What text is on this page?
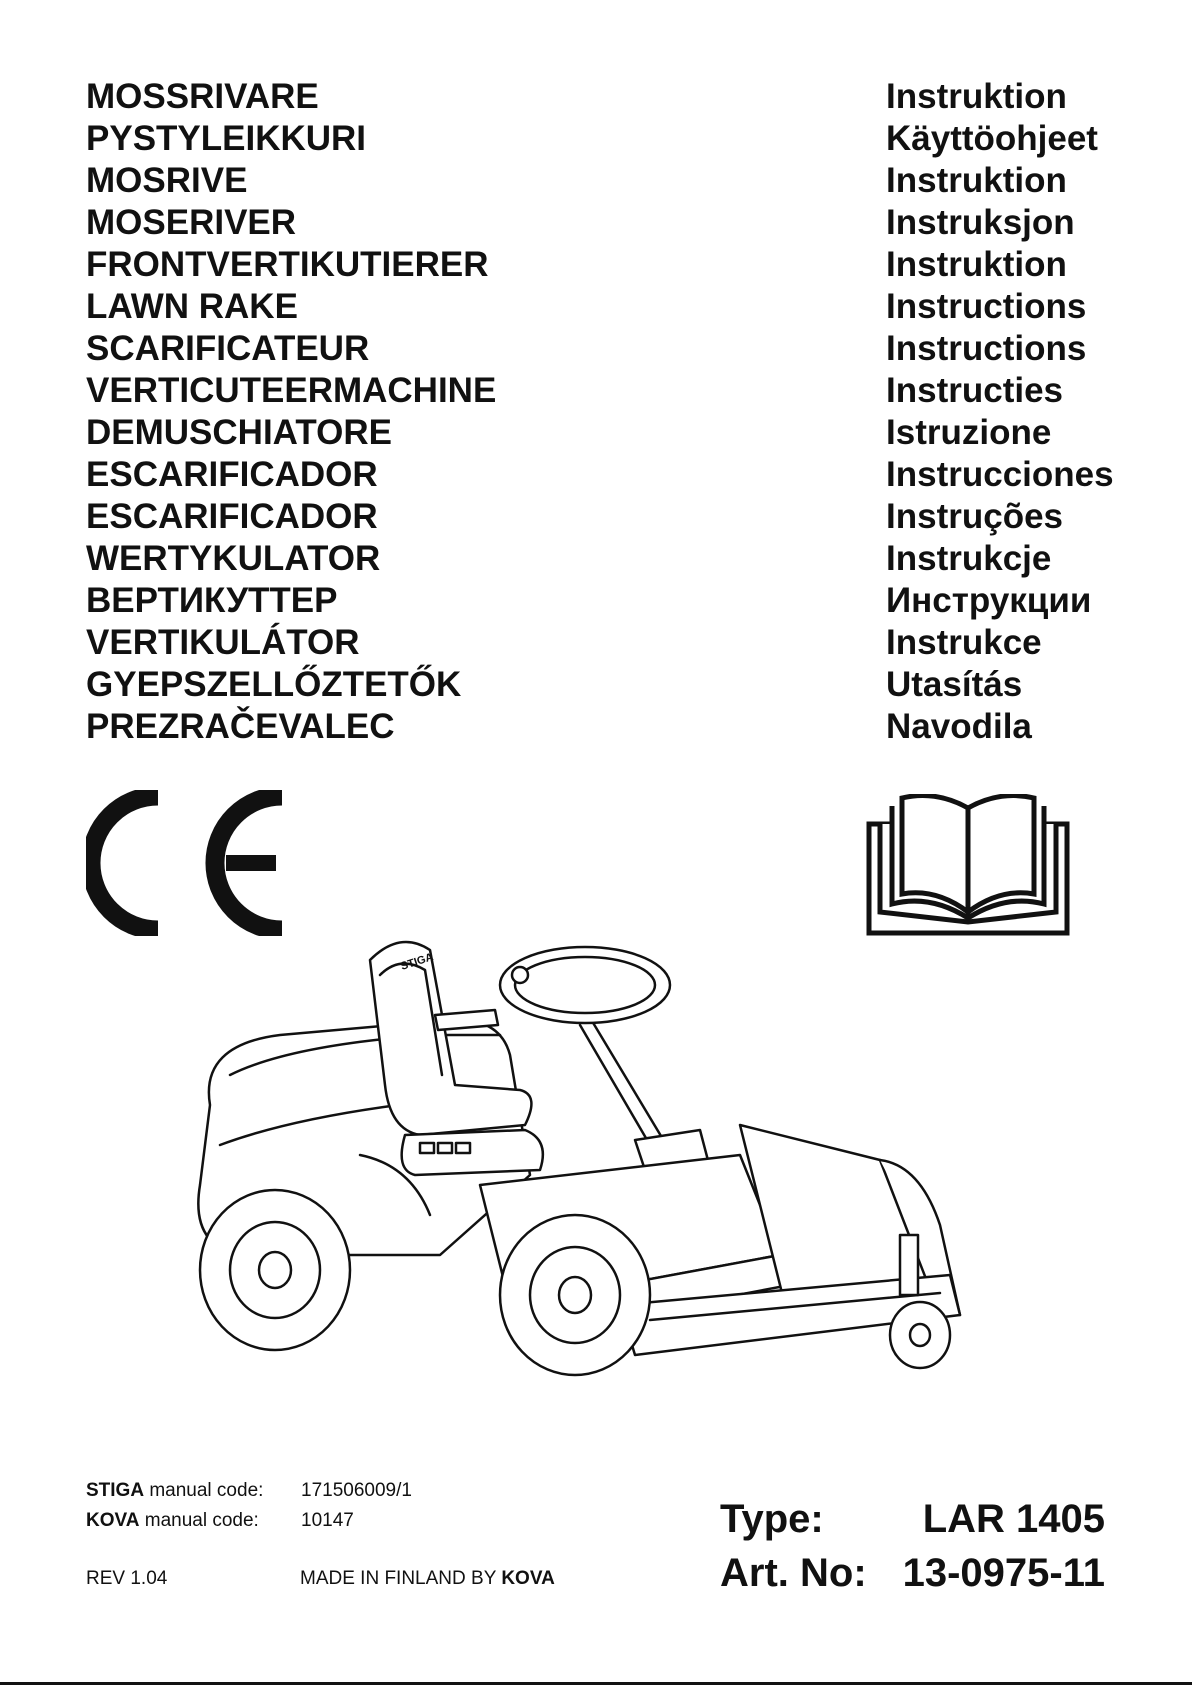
MOSSRIVARE	Instruktion
PYSTYLEIKKURI	Käyttöohjeet
MOSRIVE	Instruktion
MOSERIVER	Instruksjon
FRONTVERTIKUTIERER	Instruktion
LAWN RAKE	Instructions
SCARIFICATEUR	Instructions
VERTICUTEERMACHINE	Instructies
DEMUSCHIATORE	Istruzione
ESCARIFICADOR	Instrucciones
ESCARIFICADOR	Instruções
WERTYKULATOR	Instrukcje
ВЕРТИКУТТЕР	Инструкции
VERTIKULÁTOR	Instrukce
GYEPSZELLŐZTETŐK	Utasítás
PREZRAČEVALEC	Navodila
STIGA
STIGA manual code: 171506009/1
KOVA manual code: 10147
REV 1.04	MADE IN FINLAND BY KOVA
Type: LAR 1405
Art. No: 13-0975-11
